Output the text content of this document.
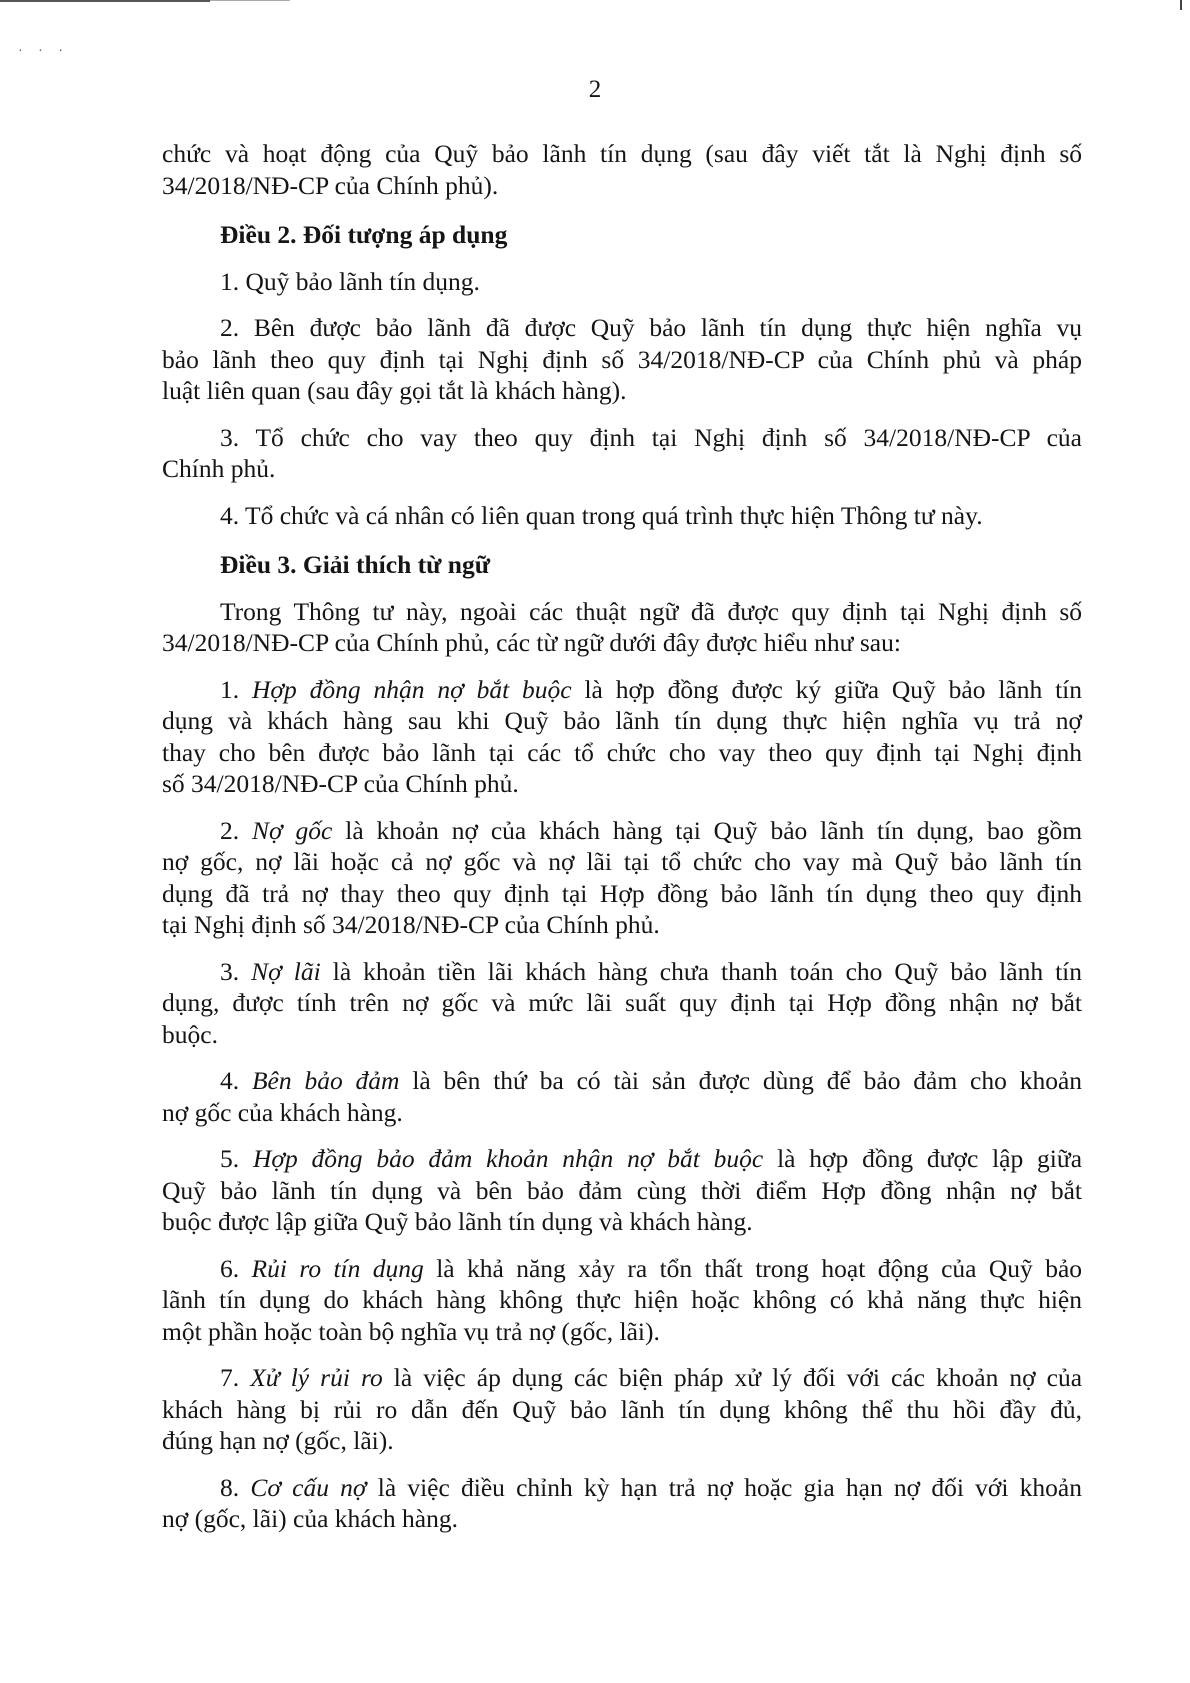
· · ·
2

chức và hoạt động của Quỹ bảo lãnh tín dụng (sau đây viết tắt là Nghị định số

34/2018/NĐ-CP của Chính phủ).

Điều 2. Đối tượng áp dụng

1. Quỹ bảo lãnh tín dụng.

2. Bên được bảo lãnh đã được Quỹ bảo lãnh tín dụng thực hiện nghĩa vụ

bảo lãnh theo quy định tại Nghị định số 34/2018/NĐ-CP của Chính phủ và pháp

luật liên quan (sau đây gọi tắt là khách hàng).

3. Tổ chức cho vay theo quy định tại Nghị định số 34/2018/NĐ-CP của

Chính phủ.

4. Tổ chức và cá nhân có liên quan trong quá trình thực hiện Thông tư này.

Điều 3. Giải thích từ ngữ

Trong Thông tư này, ngoài các thuật ngữ đã được quy định tại Nghị định số

34/2018/NĐ-CP của Chính phủ, các từ ngữ dưới đây được hiểu như sau:

1. Hợp đồng nhận nợ bắt buộc là hợp đồng được ký giữa Quỹ bảo lãnh tín

dụng và khách hàng sau khi Quỹ bảo lãnh tín dụng thực hiện nghĩa vụ trả nợ

thay cho bên được bảo lãnh tại các tổ chức cho vay theo quy định tại Nghị định

số 34/2018/NĐ-CP của Chính phủ.

2. Nợ gốc là khoản nợ của khách hàng tại Quỹ bảo lãnh tín dụng, bao gồm

nợ gốc, nợ lãi hoặc cả nợ gốc và nợ lãi tại tổ chức cho vay mà Quỹ bảo lãnh tín

dụng đã trả nợ thay theo quy định tại Hợp đồng bảo lãnh tín dụng theo quy định

tại Nghị định số 34/2018/NĐ-CP của Chính phủ.

3. Nợ lãi là khoản tiền lãi khách hàng chưa thanh toán cho Quỹ bảo lãnh tín

dụng, được tính trên nợ gốc và mức lãi suất quy định tại Hợp đồng nhận nợ bắt

buộc.

4. Bên bảo đảm là bên thứ ba có tài sản được dùng để bảo đảm cho khoản

nợ gốc của khách hàng.

5. Hợp đồng bảo đảm khoản nhận nợ bắt buộc là hợp đồng được lập giữa

Quỹ bảo lãnh tín dụng và bên bảo đảm cùng thời điểm Hợp đồng nhận nợ bắt

buộc được lập giữa Quỹ bảo lãnh tín dụng và khách hàng.

6. Rủi ro tín dụng là khả năng xảy ra tổn thất trong hoạt động của Quỹ bảo

lãnh tín dụng do khách hàng không thực hiện hoặc không có khả năng thực hiện

một phần hoặc toàn bộ nghĩa vụ trả nợ (gốc, lãi).

7. Xử lý rủi ro là việc áp dụng các biện pháp xử lý đối với các khoản nợ của

khách hàng bị rủi ro dẫn đến Quỹ bảo lãnh tín dụng không thể thu hồi đầy đủ,

đúng hạn nợ (gốc, lãi).

8. Cơ cấu nợ là việc điều chỉnh kỳ hạn trả nợ hoặc gia hạn nợ đối với khoản

nợ (gốc, lãi) của khách hàng.
